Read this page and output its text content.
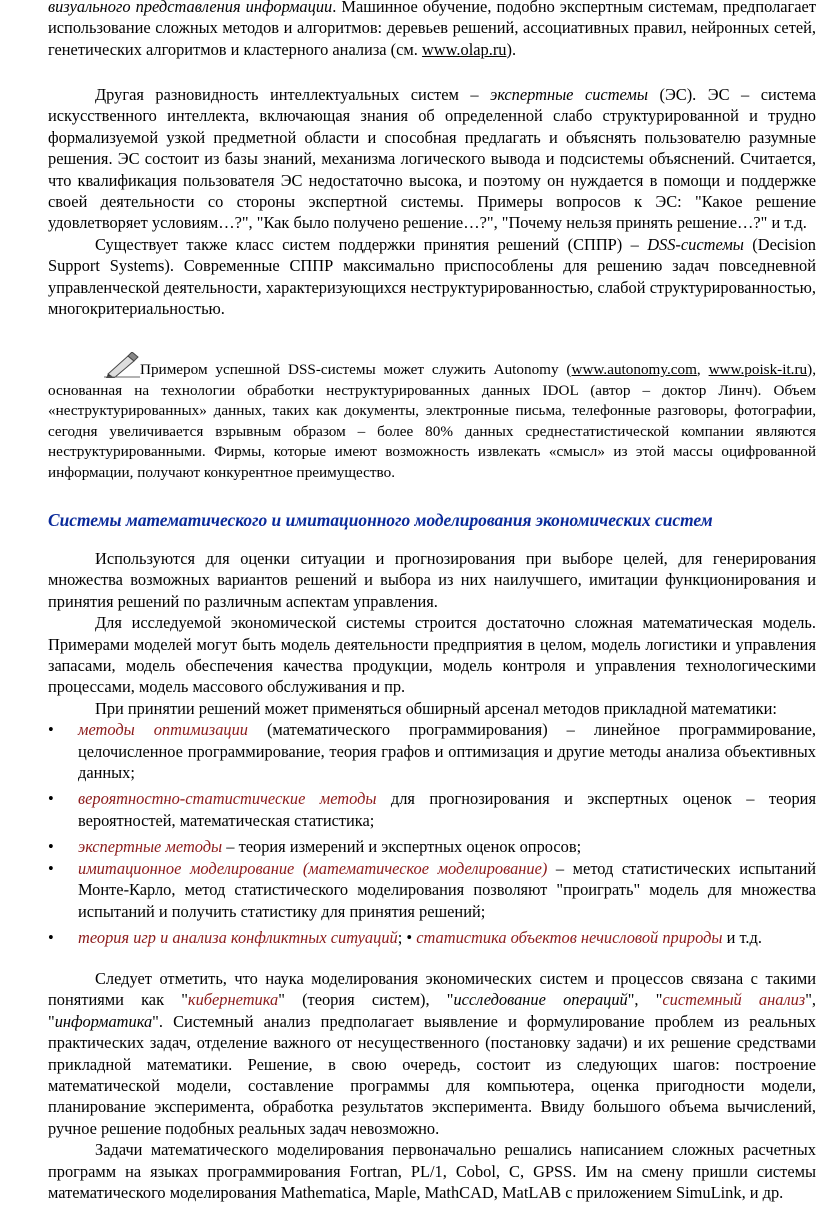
визуального представления информации. Машинное обучение, подобно экспертным системам, предполагает использование сложных методов и алгоритмов: деревьев решений, ассоциативных правил, нейронных сетей, генетических алгоритмов и кластерного анализа (см. www.olap.ru).

Другая разновидность интеллектуальных систем – экспертные системы (ЭС). ЭС – система искусственного интеллекта, включающая знания об определенной слабо структурированной и трудно формализуемой узкой предметной области и способная предлагать и объяснять пользователю разумные решения. ЭС состоит из базы знаний, механизма логического вывода и подсистемы объяснений. Считается, что квалификация пользователя ЭС недостаточно высока, и поэтому он нуждается в помощи и поддержке своей деятельности со стороны экспертной системы. Примеры вопросов к ЭС: "Какое решение удовлетворяет условиям…?", "Как было получено решение…?", "Почему нельзя принять решение…?" и т.д.

Существует также класс систем поддержки принятия решений (СППР) – DSS-системы (Decision Support Systems). Современные СППР максимально приспособлены для решению задач повседневной управленческой деятельности, характеризующихся неструктурированностью, слабой структурированностью, многокритериальностью.

Примером успешной DSS-системы может служить Autonomy (www.autonomy.com, www.poisk-it.ru), основанная на технологии обработки неструктурированных данных IDOL (автор – доктор Линч). Объем «неструктурированных» данных, таких как документы, электронные письма, телефонные разговоры, фотографии, сегодня увеличивается взрывным образом – более 80% данных среднестатистической компании являются неструктурированными. Фирмы, которые имеют возможность извлекать «смысл» из этой массы оцифрованной информации, получают конкурентное преимущество.

Системы математического и имитационного моделирования экономических систем

Используются для оценки ситуации и прогнозирования при выборе целей, для генерирования множества возможных вариантов решений и выбора из них наилучшего, имитации функционирования и принятия решений по различным аспектам управления.

Для исследуемой экономической системы строится достаточно сложная математическая модель. Примерами моделей могут быть модель деятельности предприятия в целом, модель логистики и управления запасами, модель обеспечения качества продукции, модель контроля и управления технологическими процессами, модель массового обслуживания и пр.

При принятии решений может применяться обширный арсенал методов прикладной математики:

• методы оптимизации (математического программирования) – линейное программирование, целочисленное программирование, теория графов и оптимизация и другие методы анализа объективных данных;
• вероятностно-статистические методы для прогнозирования и экспертных оценок – теория вероятностей, математическая статистика;
• экспертные методы – теория измерений и экспертных оценок опросов;
• имитационное моделирование (математическое моделирование) – метод статистических испытаний Монте-Карло, метод статистического моделирования позволяют "проиграть" модель для множества испытаний и получить статистику для принятия решений;
• теория игр и анализа конфликтных ситуаций; • статистика объектов нечисловой природы и т.д.

Следует отметить, что наука моделирования экономических систем и процессов связана с такими понятиями как "кибернетика" (теория систем), "исследование операций", "системный анализ", "информатика". Системный анализ предполагает выявление и формулирование проблем из реальных практических задач, отделение важного от несущественного (постановку задачи) и их решение средствами прикладной математики. Решение, в свою очередь, состоит из следующих шагов: построение математической модели, составление программы для компьютера, оценка пригодности модели, планирование эксперимента, обработка результатов эксперимента. Ввиду большого объема вычислений, ручное решение подобных реальных задач невозможно.

Задачи математического моделирования первоначально решались написанием сложных расчетных программ на языках программирования Fortran, PL/1, Cobol, C, GPSS. Им на смену пришли системы математического моделирования Mathematica, Maple, MathCAD, MatLAB с приложением SimuLink, и др.
